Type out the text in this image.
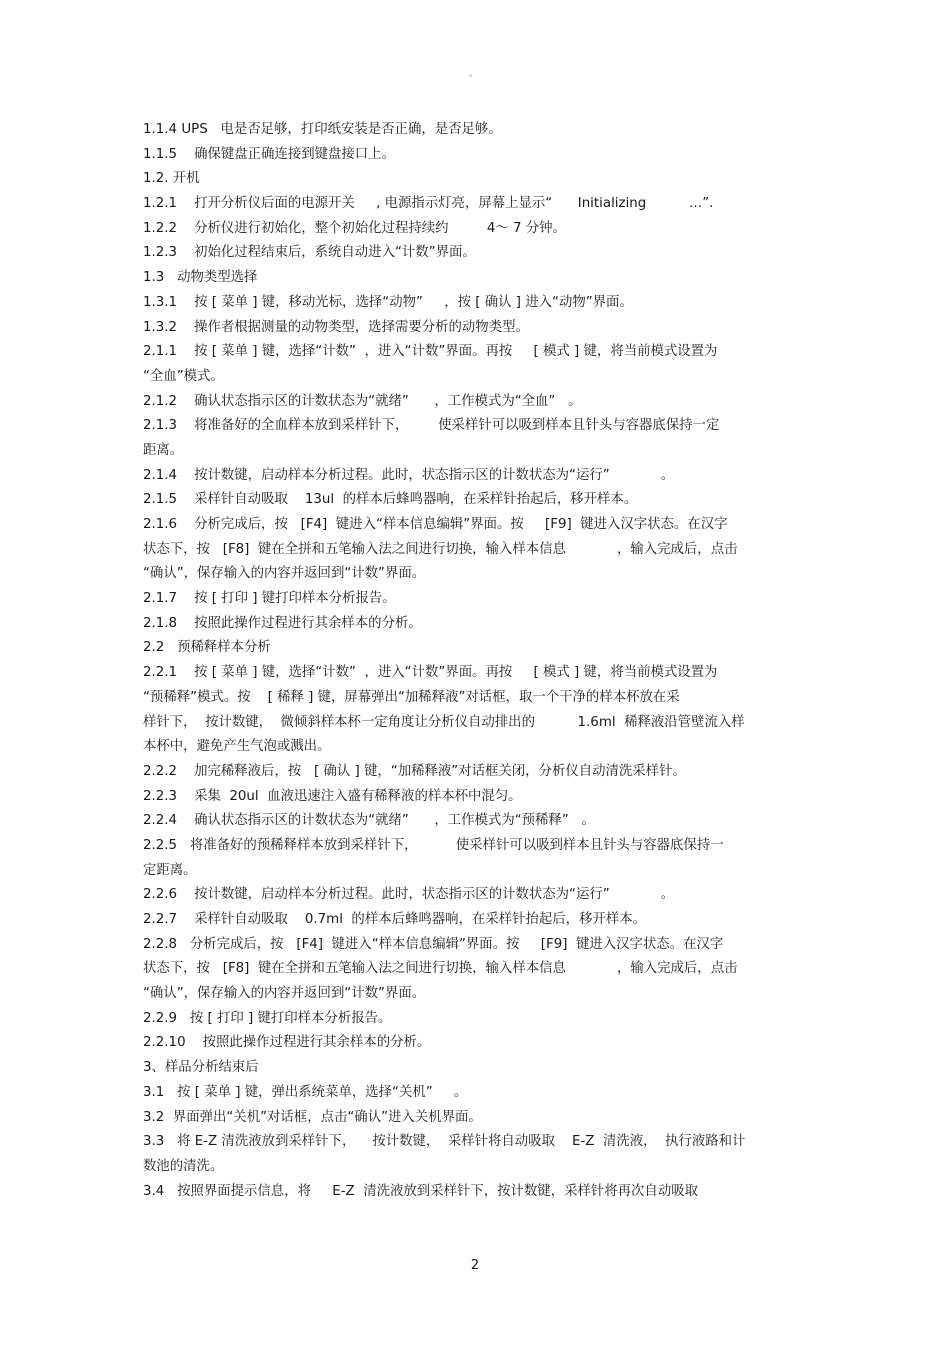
。
1.1.4 UPS   电是否足够，打印纸安装是否正确，是否足够。
1.1.5    确保键盘正确连接到键盘接口上。
1.2. 开机
1.2.1    打开分析仪后面的电源开关     , 电源指示灯亮，屏幕上显示“      Initializing          …”.
1.2.2    分析仪进行初始化，整个初始化过程持续约         4～ 7 分钟。
1.2.3    初始化过程结束后，系统自动进入“计数”界面。
1.3   动物类型选择
1.3.1    按 [ 菜单 ] 键，移动光标，选择“动物”     ，按 [ 确认 ] 进入“动物”界面。
1.3.2    操作者根据测量的动物类型，选择需要分析的动物类型。
2.1.1    按 [ 菜单 ] 键，选择“计数”  ，进入“计数”界面。再按     [ 模式 ] 键，将当前模式设置为
“全血”模式。
2.1.2    确认状态指示区的计数状态为“就绪”      ，工作模式为“全血”   。
2.1.3    将准备好的全血样本放到采样针下，       使采样针可以吸到样本且针头与容器底保持一定
距离。
2.1.4    按计数键，启动样本分析过程。此时，状态指示区的计数状态为“运行”            。
2.1.5    采样针自动吸取    13ul  的样本后蜂鸣器响，在采样针抬起后，移开样本。
2.1.6    分析完成后，按   [F4]  键进入“样本信息编辑”界面。按     [F9]  键进入汉字状态。在汉字
状态下，按   [F8]  键在全拼和五笔输入法之间进行切换，输入样本信息            ，输入完成后，点击
“确认”，保存输入的内容并返回到“计数”界面。
2.1.7    按 [ 打印 ] 键打印样本分析报告。
2.1.8    按照此操作过程进行其余样本的分析。
2.2   预稀释样本分析
2.2.1    按 [ 菜单 ] 键，选择“计数”  ，进入“计数”界面。再按     [ 模式 ] 键，将当前模式设置为
“预稀释”模式。按    [ 稀释 ] 键，屏幕弹出“加稀释液”对话框，取一个干净的样本杯放在采
样针下，  按计数键，  微倾斜样本杯一定角度让分析仪自动排出的          1.6ml  稀释液沿管壁流入样
本杯中，避免产生气泡或溅出。
2.2.2    加完稀释液后，按   [ 确认 ] 键，“加稀释液”对话框关闭，分析仪自动清洗采样针。
2.2.3    采集  20ul  血液迅速注入盛有稀释液的样本杯中混匀。
2.2.4    确认状态指示区的计数状态为“就绪”      ，工作模式为“预稀释”   。
2.2.5   将准备好的预稀释样本放到采样针下，         使采样针可以吸到样本且针头与容器底保持一
定距离。
2.2.6    按计数键，启动样本分析过程。此时，状态指示区的计数状态为“运行”            。
2.2.7    采样针自动吸取    0.7ml  的样本后蜂鸣器响，在采样针抬起后，移开样本。
2.2.8   分析完成后，按   [F4]  键进入“样本信息编辑”界面。按     [F9]  键进入汉字状态。在汉字
状态下，按   [F8]  键在全拼和五笔输入法之间进行切换，输入样本信息            ，输入完成后，点击
“确认”，保存输入的内容并返回到“计数”界面。
2.2.9   按 [ 打印 ] 键打印样本分析报告。
2.2.10    按照此操作过程进行其余样本的分析。
3、样品分析结束后
3.1   按 [ 菜单 ] 键，弹出系统菜单，选择“关机”     。
3.2  界面弹出“关机”对话框，点击“确认”进入关机界面。
3.3   将 E-Z 清洗液放到采样针下，    按计数键，  采样针将自动吸取    E-Z  清洗液，  执行液路和计
数池的清洗。
3.4   按照界面提示信息，将     E-Z  清洗液放到采样针下，按计数键，采样针将再次自动吸取
2
